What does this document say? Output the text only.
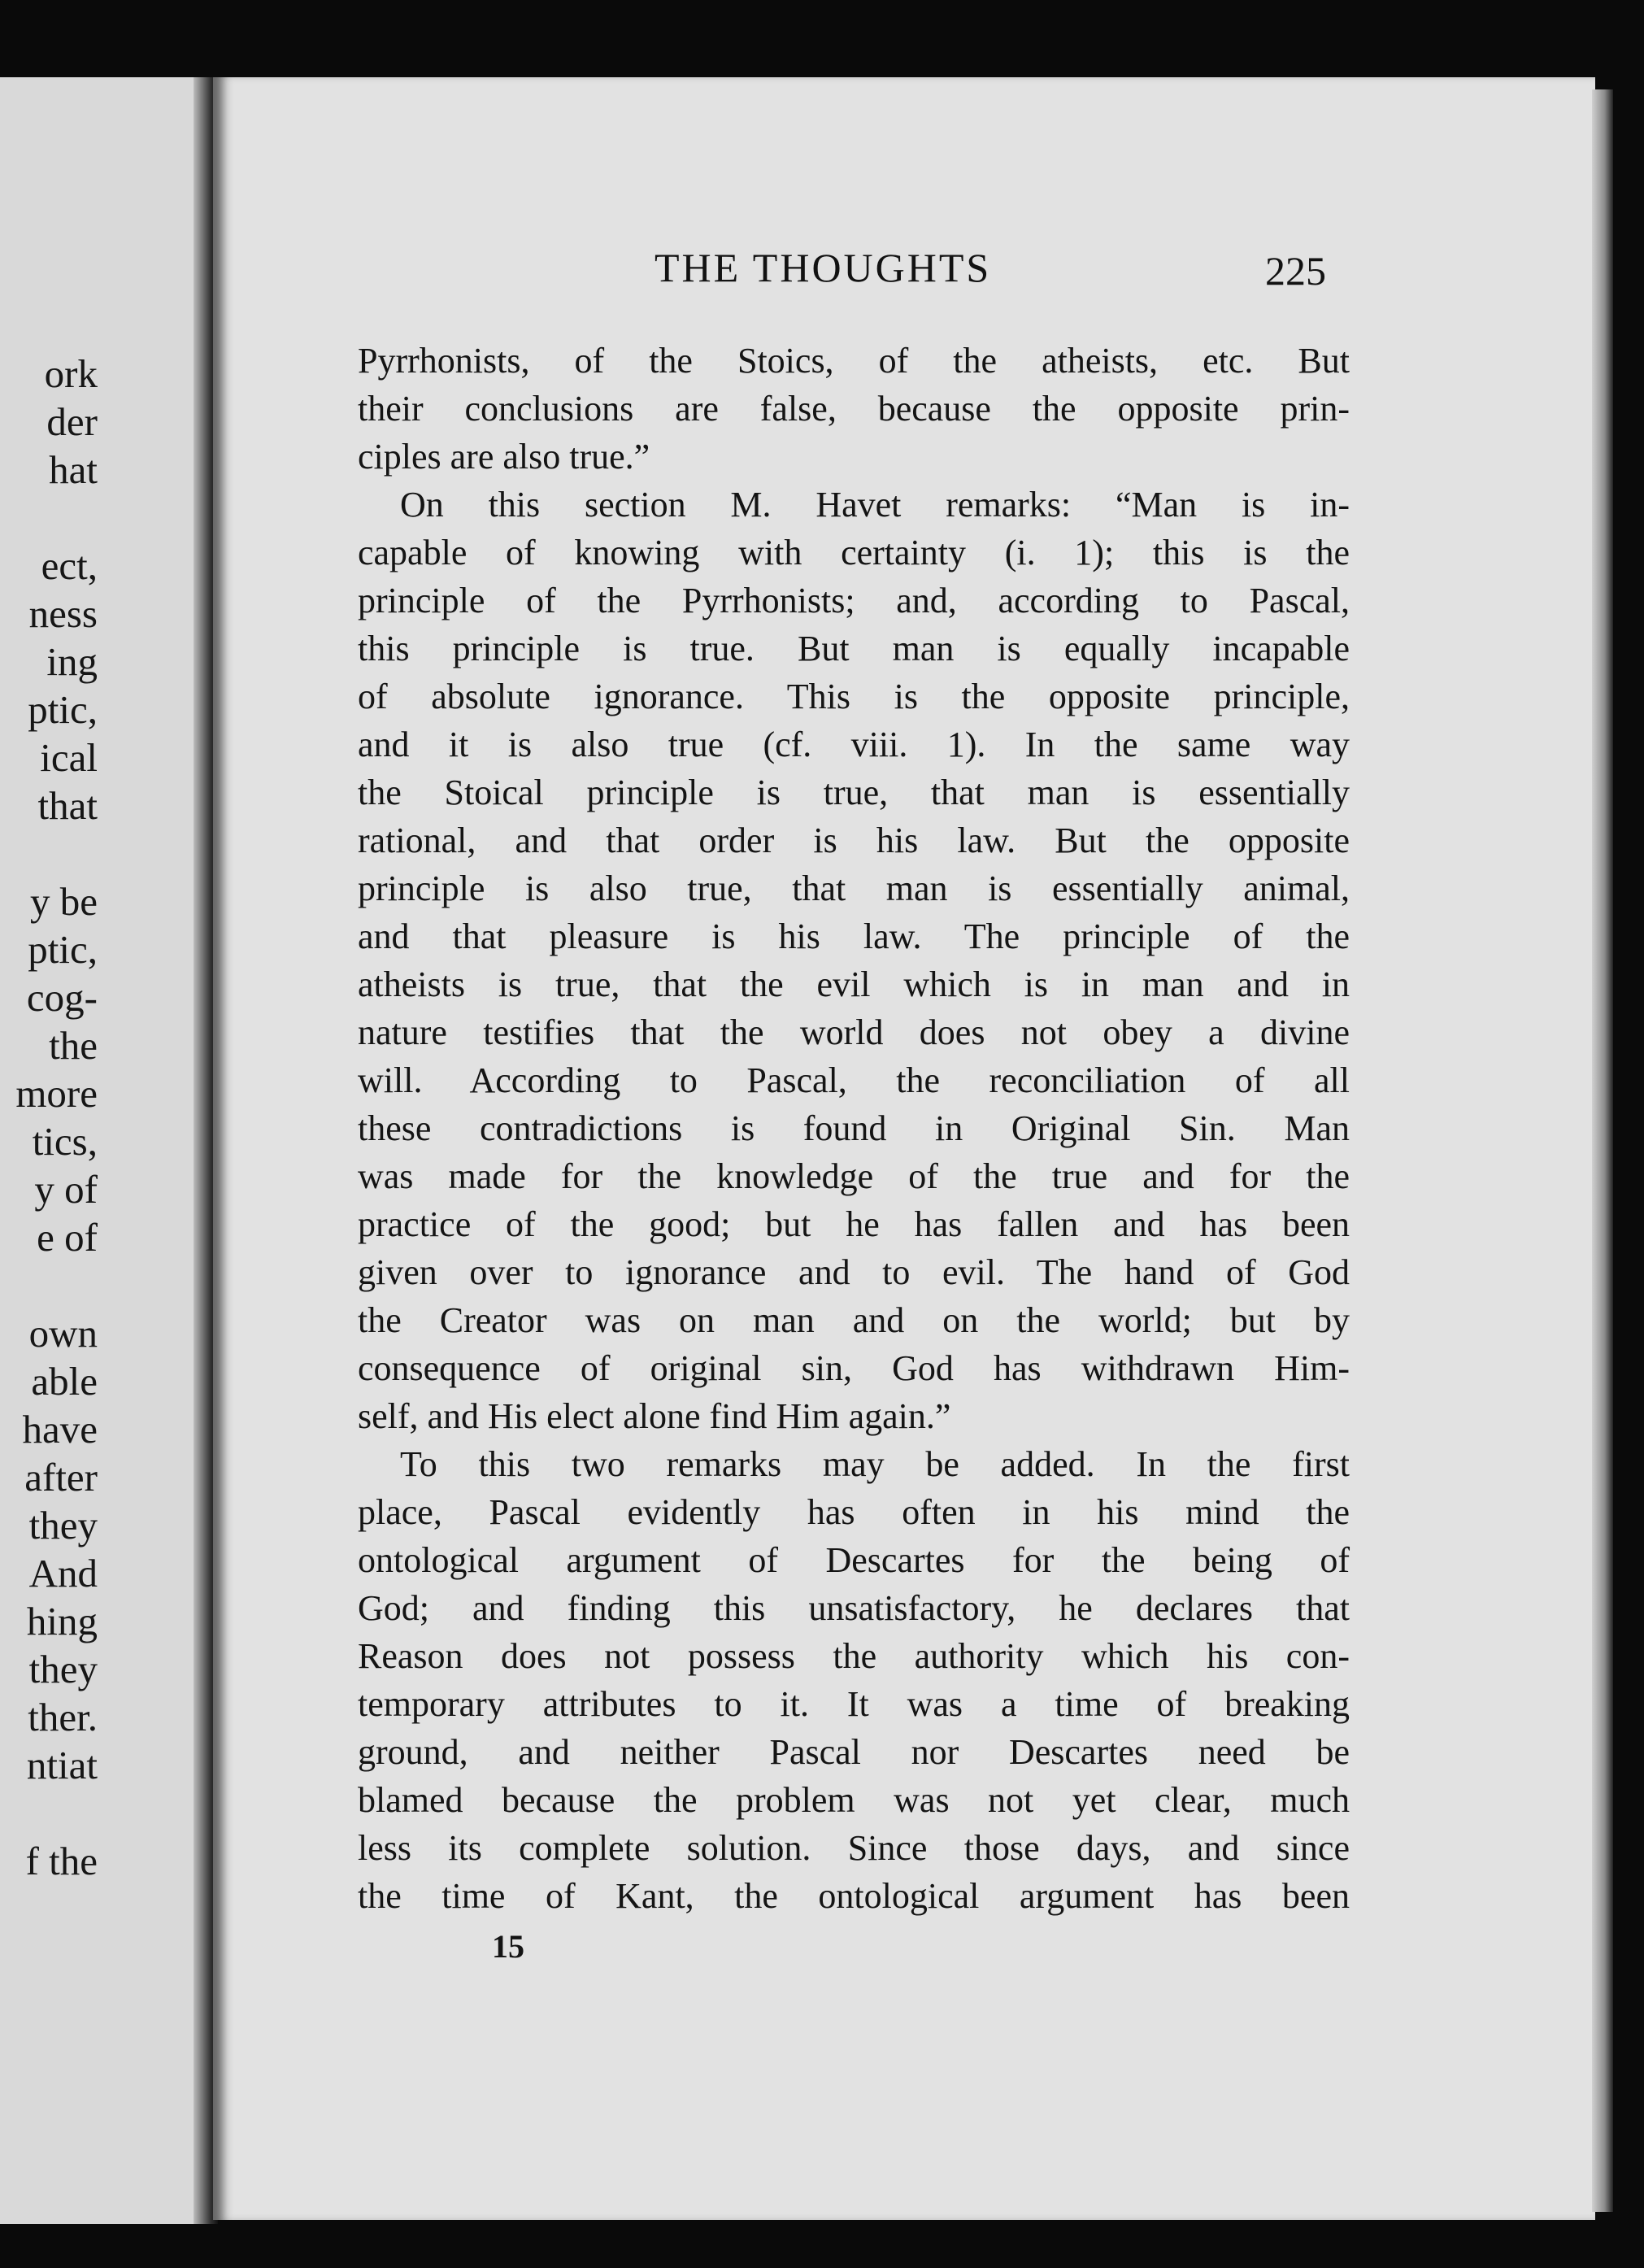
ork
der
hat
ect,
ness
ing
ptic,
ical
that
y be
ptic,
cog-
the
more
tics,
y of
e of
own
able
have
after
they
And
hing
they
ther.
ntiat
f the
THE THOUGHTS	225
Pyrrhonists, of the Stoics, of the atheists, etc. But
their conclusions are false, because the opposite prin-
ciples are also true.”
On this section M. Havet remarks: “Man is in-
capable of knowing with certainty (i. 1); this is the
principle of the Pyrrhonists; and, according to Pascal,
this principle is true. But man is equally incapable
of absolute ignorance. This is the opposite principle,
and it is also true (cf. viii. 1). In the same way
the Stoical principle is true, that man is essentially
rational, and that order is his law. But the opposite
principle is also true, that man is essentially animal,
and that pleasure is his law. The principle of the
atheists is true, that the evil which is in man and in
nature testifies that the world does not obey a divine
will. According to Pascal, the reconciliation of all
these contradictions is found in Original Sin. Man
was made for the knowledge of the true and for the
practice of the good; but he has fallen and has been
given over to ignorance and to evil. The hand of God
the Creator was on man and on the world; but by
consequence of original sin, God has withdrawn Him-
self, and His elect alone find Him again.”
To this two remarks may be added. In the first
place, Pascal evidently has often in his mind the
ontological argument of Descartes for the being of
God; and finding this unsatisfactory, he declares that
Reason does not possess the authority which his con-
temporary attributes to it. It was a time of breaking
ground, and neither Pascal nor Descartes need be
blamed because the problem was not yet clear, much
less its complete solution. Since those days, and since
the time of Kant, the ontological argument has been
15
